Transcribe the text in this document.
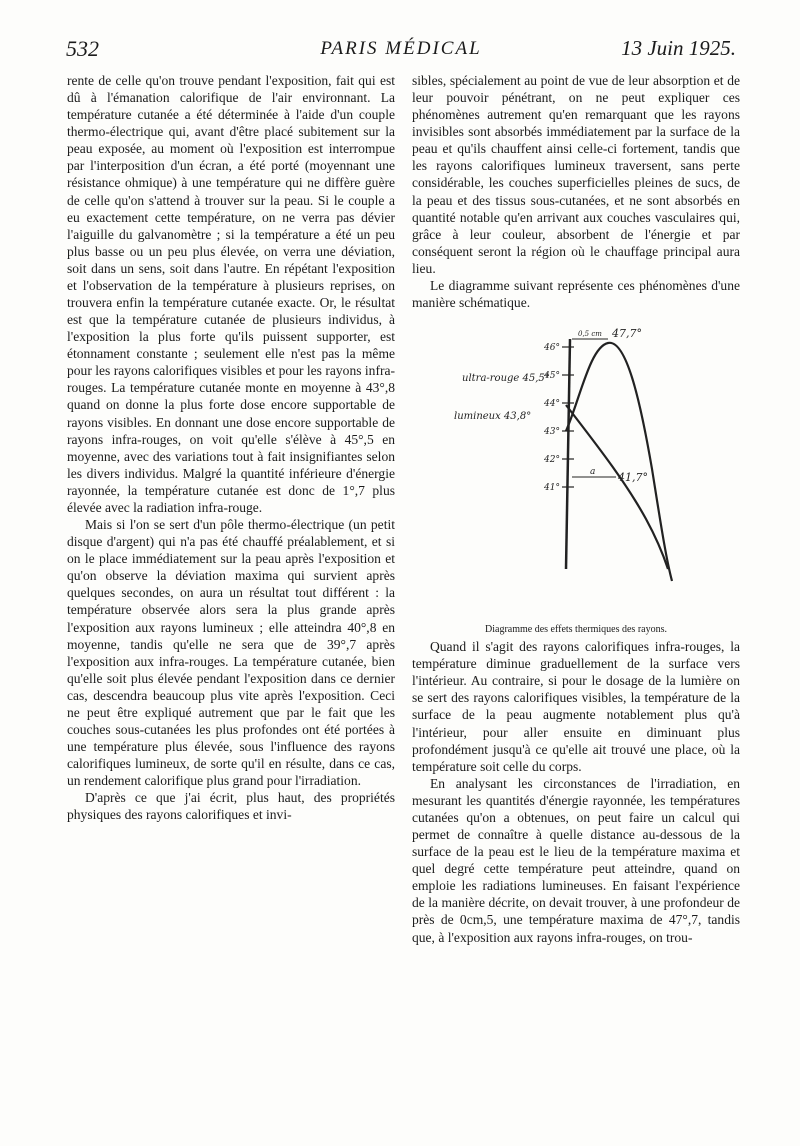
532	PARIS MÉDICAL	13 Juin 1925.

rente de celle qu'on trouve pendant l'exposition, fait qui est dû à l'émanation calorifique de l'air environnant. La température cutanée a été déterminée à l'aide d'un couple thermo-électrique qui, avant d'être placé subitement sur la peau exposée, au moment où l'exposition est interrompue par l'interposition d'un écran, a été porté (moyennant une résistance ohmique) à une température qui ne diffère guère de celle qu'on s'attend à trouver sur la peau. Si le couple a eu exactement cette température, on ne verra pas dévier l'aiguille du galvanomètre ; si la température a été un peu plus basse ou un peu plus élevée, on verra une déviation, soit dans un sens, soit dans l'autre. En répétant l'exposition et l'observation de la température à plusieurs reprises, on trouvera enfin la température cutanée exacte. Or, le résultat est que la température cutanée de plusieurs individus, à l'exposition la plus forte qu'ils puissent supporter, est étonnament constante ; seulement elle n'est pas la même pour les rayons calorifiques visibles et pour les rayons infra-rouges. La température cutanée monte en moyenne à 43°,8 quand on donne la plus forte dose encore supportable de rayons visibles. En donnant une dose encore supportable de rayons infra-rouges, on voit qu'elle s'élève à 45°,5 en moyenne, avec des variations tout à fait insignifiantes selon les divers individus. Malgré la quantité inférieure d'énergie rayonnée, la température cutanée est donc de 1°,7 plus élevée avec la radiation infra-rouge.

Mais si l'on se sert d'un pôle thermo-électrique (un petit disque d'argent) qui n'a pas été chauffé préalablement, et si on le place immédiatement sur la peau après l'exposition et qu'on observe la déviation maxima qui survient après quelques secondes, on aura un résultat tout différent : la température observée alors sera la plus grande après l'exposition aux rayons lumineux ; elle atteindra 40°,8 en moyenne, tandis qu'elle ne sera que de 39°,7 après l'exposition aux infra-rouges. La température cutanée, bien qu'elle soit plus élevée pendant l'exposition dans ce dernier cas, descendra beaucoup plus vite après l'exposition. Ceci ne peut être expliqué autrement que par le fait que les couches sous-cutanées les plus profondes ont été portées à une température plus élevée, sous l'influence des rayons calorifiques lumineux, de sorte qu'il en résulte, dans ce cas, un rendement calorifique plus grand pour l'irradiation.

D'après ce que j'ai écrit, plus haut, des propriétés physiques des rayons calorifiques et invi-

sibles, spécialement au point de vue de leur absorption et de leur pouvoir pénétrant, on ne peut expliquer ces phénomènes autrement qu'en remarquant que les rayons invisibles sont absorbés immédiatement par la surface de la peau et qu'ils chauffent ainsi celle-ci fortement, tandis que les rayons calorifiques lumineux traversent, sans perte considérable, les couches superficielles pleines de sucs, de la peau et des tissus sous-cutanées, et ne sont absorbés en quantité notable qu'en arrivant aux couches vasculaires qui, grâce à leur couleur, absorbent de l'énergie et par conséquent seront la région où le chauffage principal aura lieu.

Le diagramme suivant représente ces phénomènes d'une manière schématique.

46°
45°
44°
43°
42°
41°
ultra-rouge 45,5°
lumineux 43,8°
47,7°
41,7°
0,5 cm
a

Diagramme des effets thermiques des rayons.

Quand il s'agit des rayons calorifiques infra-rouges, la température diminue graduellement de la surface vers l'intérieur. Au contraire, si pour le dosage de la lumière on se sert des rayons calorifiques visibles, la température de la surface de la peau augmente notablement plus qu'à l'intérieur, pour aller ensuite en diminuant plus profondément jusqu'à ce qu'elle ait trouvé une place, où la température soit celle du corps.

En analysant les circonstances de l'irradiation, en mesurant les quantités d'énergie rayonnée, les températures cutanées qu'on a obtenues, on peut faire un calcul qui permet de connaître à quelle distance au-dessous de la surface de la peau est le lieu de la température maxima et quel degré cette température peut atteindre, quand on emploie les radiations lumineuses. En faisant l'expérience de la manière décrite, on devait trouver, à une profondeur de près de 0cm,5, une température maxima de 47°,7, tandis que, à l'exposition aux rayons infra-rouges, on trou-
